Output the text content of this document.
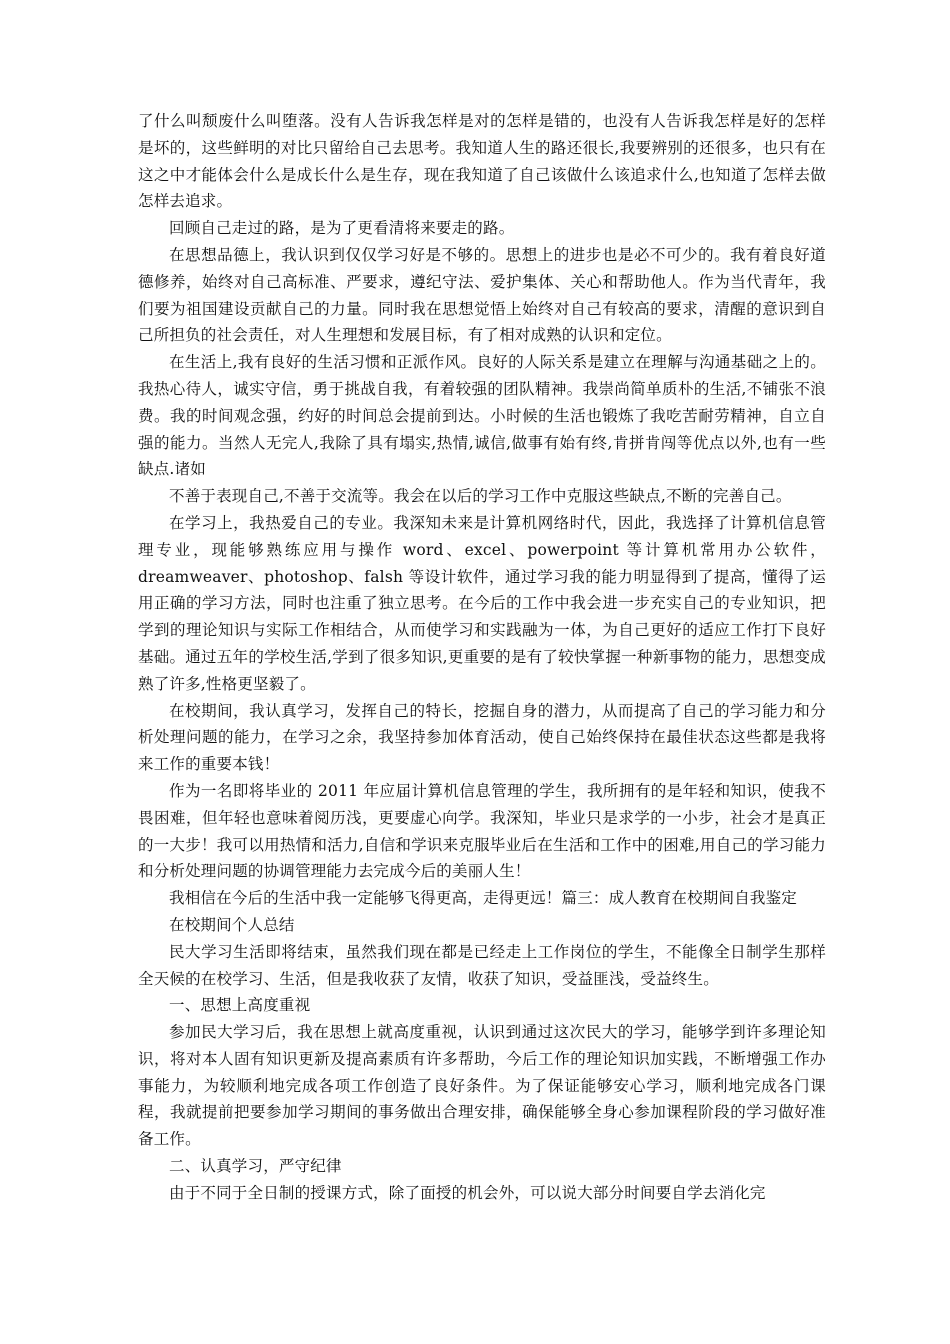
了什么叫颓废什么叫堕落。没有人告诉我怎样是对的怎样是错的，也没有人告诉我怎样是好的怎样是坏的，这些鲜明的对比只留给自己去思考。我知道人生的路还很长,我要辨别的还很多，也只有在这之中才能体会什么是成长什么是生存，现在我知道了自己该做什么该追求什么,也知道了怎样去做怎样去追求。

回顾自己走过的路，是为了更看清将来要走的路。

在思想品德上，我认识到仅仅学习好是不够的。思想上的进步也是必不可少的。我有着良好道德修养，始终对自己高标准、严要求，遵纪守法、爱护集体、关心和帮助他人。作为当代青年，我们要为祖国建设贡献自己的力量。同时我在思想觉悟上始终对自己有较高的要求，清醒的意识到自己所担负的社会责任，对人生理想和发展目标，有了相对成熟的认识和定位。

在生活上,我有良好的生活习惯和正派作风。良好的人际关系是建立在理解与沟通基础之上的。我热心待人，诚实守信，勇于挑战自我，有着较强的团队精神。我崇尚简单质朴的生活,不铺张不浪费。我的时间观念强，约好的时间总会提前到达。小时候的生活也锻炼了我吃苦耐劳精神，自立自强的能力。当然人无完人,我除了具有塌实,热情,诚信,做事有始有终,肯拼肯闯等优点以外,也有一些缺点.诸如

不善于表现自己,不善于交流等。我会在以后的学习工作中克服这些缺点,不断的完善自己。

在学习上，我热爱自己的专业。我深知未来是计算机网络时代，因此，我选择了计算机信息管理专业，现能够熟练应用与操作 word、excel、powerpoint 等计算机常用办公软件，dreamweaver、photoshop、falsh 等设计软件，通过学习我的能力明显得到了提高，懂得了运用正确的学习方法，同时也注重了独立思考。在今后的工作中我会进一步充实自己的专业知识，把学到的理论知识与实际工作相结合，从而使学习和实践融为一体，为自己更好的适应工作打下良好基础。通过五年的学校生活,学到了很多知识,更重要的是有了较快掌握一种新事物的能力，思想变成熟了许多,性格更坚毅了。

在校期间，我认真学习，发挥自己的特长，挖掘自身的潜力，从而提高了自己的学习能力和分析处理问题的能力，在学习之余，我坚持参加体育活动，使自己始终保持在最佳状态这些都是我将来工作的重要本钱！

作为一名即将毕业的 2011 年应届计算机信息管理的学生，我所拥有的是年轻和知识，使我不畏困难，但年轻也意味着阅历浅，更要虚心向学。我深知，毕业只是求学的一小步，社会才是真正的一大步！我可以用热情和活力,自信和学识来克服毕业后在生活和工作中的困难,用自己的学习能力和分析处理问题的协调管理能力去完成今后的美丽人生！

我相信在今后的生活中我一定能够飞得更高，走得更远！篇三：成人教育在校期间自我鉴定

在校期间个人总结

民大学习生活即将结束，虽然我们现在都是已经走上工作岗位的学生，不能像全日制学生那样全天候的在校学习、生活，但是我收获了友情，收获了知识，受益匪浅，受益终生。

一、思想上高度重视

参加民大学习后，我在思想上就高度重视，认识到通过这次民大的学习，能够学到许多理论知识，将对本人固有知识更新及提高素质有许多帮助，今后工作的理论知识加实践，不断增强工作办事能力，为较顺利地完成各项工作创造了良好条件。为了保证能够安心学习，顺利地完成各门课程，我就提前把要参加学习期间的事务做出合理安排，确保能够全身心参加课程阶段的学习做好准备工作。

二、认真学习，严守纪律

由于不同于全日制的授课方式，除了面授的机会外，可以说大部分时间要自学去消化完
